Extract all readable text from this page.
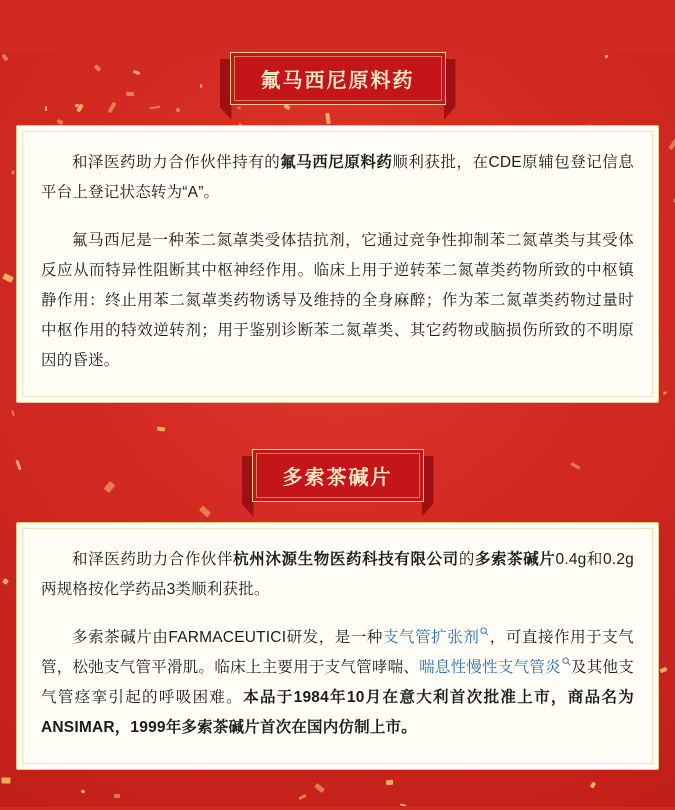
氟马西尼原料药

和泽医药助力合作伙伴持有的氟马西尼原料药顺利获批，在CDE原辅包登记信息平台上登记状态转为“A”。

氟马西尼是一种苯二氮䓬类受体拮抗剂，它通过竞争性抑制苯二氮䓬类与其受体反应从而特异性阻断其中枢神经作用。临床上用于逆转苯二氮䓬类药物所致的中枢镇静作用：终止用苯二氮䓬类药物诱导及维持的全身麻醉；作为苯二氮䓬类药物过量时中枢作用的特效逆转剂；用于鉴别诊断苯二氮䓬类、其它药物或脑损伤所致的不明原因的昏迷。

多索茶碱片

和泽医药助力合作伙伴杭州沐源生物医药科技有限公司的多索茶碱片0.4g和0.2g两规格按化学药品3类顺利获批。

多索茶碱片由FARMACEUTICI研发，是一种支气管扩张剂 ，可直接作用于支气管，松弛支气管平滑肌。临床上主要用于支气管哮喘、喘息性慢性支气管炎 及其他支气管痉挛引起的呼吸困难。本品于1984年10月在意大利首次批准上市，商品名为ANSIMAR，1999年多索茶碱片首次在国内仿制上市。
